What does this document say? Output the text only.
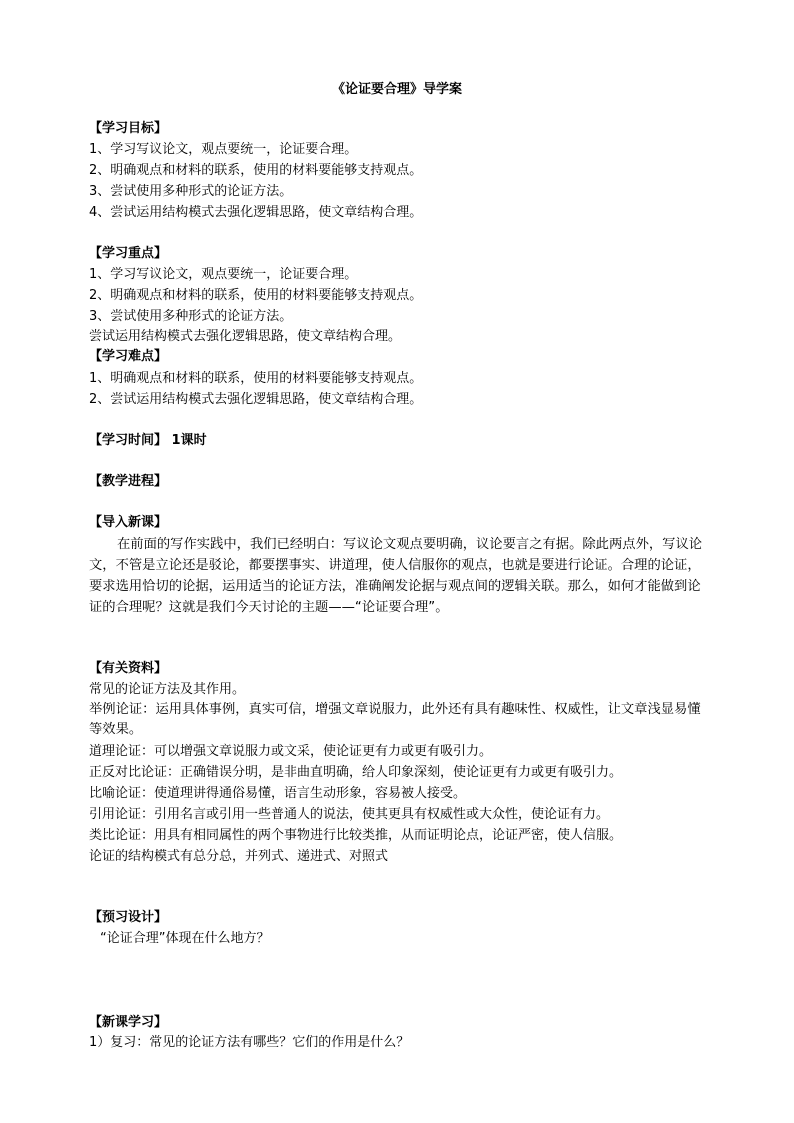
《论证要合理》导学案
【学习目标】
1、学习写议论文，观点要统一，论证要合理。
2、明确观点和材料的联系，使用的材料要能够支持观点。
3、尝试使用多种形式的论证方法。
4、尝试运用结构模式去强化逻辑思路，使文章结构合理。
【学习重点】
1、学习写议论文，观点要统一，论证要合理。
2、明确观点和材料的联系，使用的材料要能够支持观点。
3、尝试使用多种形式的论证方法。
尝试运用结构模式去强化逻辑思路，使文章结构合理。
【学习难点】
1、明确观点和材料的联系，使用的材料要能够支持观点。
2、尝试运用结构模式去强化逻辑思路，使文章结构合理。
【学习时间】 1课时
【教学进程】
【导入新课】
在前面的写作实践中，我们已经明白：写议论文观点要明确，议论要言之有据。除此两点外，写议论文，不管是立论还是驳论，都要摆事实、讲道理，使人信服你的观点，也就是要进行论证。合理的论证，要求选用恰切的论据，运用适当的论证方法，准确阐发论据与观点间的逻辑关联。那么，如何才能做到论证的合理呢？这就是我们今天讨论的主题——“论证要合理”。
【有关资料】
常见的论证方法及其作用。
举例论证：运用具体事例，真实可信，增强文章说服力，此外还有具有趣味性、权威性，让文章浅显易懂等效果。
道理论证：可以增强文章说服力或文采，使论证更有力或更有吸引力。
正反对比论证：正确错误分明，是非曲直明确，给人印象深刻，使论证更有力或更有吸引力。
比喻论证：使道理讲得通俗易懂，语言生动形象，容易被人接受。
引用论证：引用名言或引用一些普通人的说法，使其更具有权威性或大众性，使论证有力。
类比论证：用具有相同属性的两个事物进行比较类推，从而证明论点，论证严密，使人信服。
论证的结构模式有总分总，并列式、递进式、对照式
【预习设计】
“论证合理”体现在什么地方？
【新课学习】
1）复习：常见的论证方法有哪些？它们的作用是什么？
